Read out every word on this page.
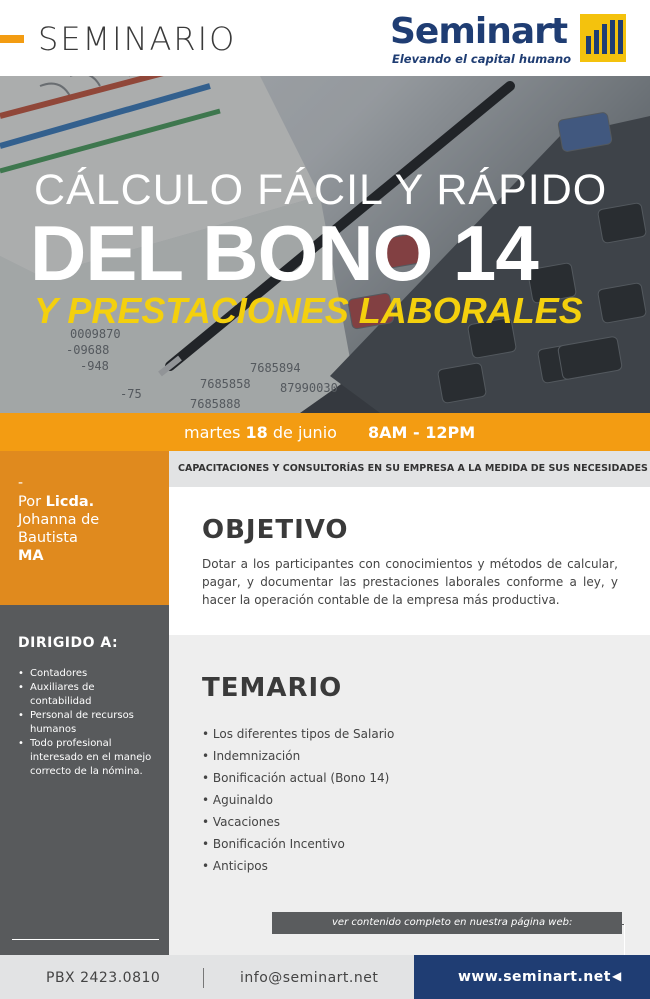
SEMINARIO	Seminart
Elevando el capital humano
0009870
-09688
-948
7685858
7685894
-75	87990030
7685888
CÁLCULO FÁCIL Y RÁPIDO
DEL BONO 14
Y PRESTACIONES LABORALES
martes 18 de junio 8AM - 12PM
-
Por Licda.
Johanna de Bautista
MA
DIRIGIDO A:
• Contadores
• Auxiliares de contabilidad
• Personal de recursos humanos
• Todo profesional interesado en el manejo correcto de la nómina.
CAPACITACIONES Y CONSULTORÍAS EN SU EMPRESA A LA MEDIDA DE SUS NECESIDADES
OBJETIVO

Dotar a los participantes con conocimientos y métodos de calcular, pagar, y documentar las prestaciones laborales conforme a ley, y hacer la operación contable de la empresa más productiva.

TEMARIO
• Los diferentes tipos de Salario
• Indemnización
• Bonificación actual (Bono 14)
• Aguinaldo
• Vacaciones
• Bonificación Incentivo
• Anticipos
ver contenido completo en nuestra página web:
PBX 2423.0810	info@seminart.net	www.seminart.net ◀
